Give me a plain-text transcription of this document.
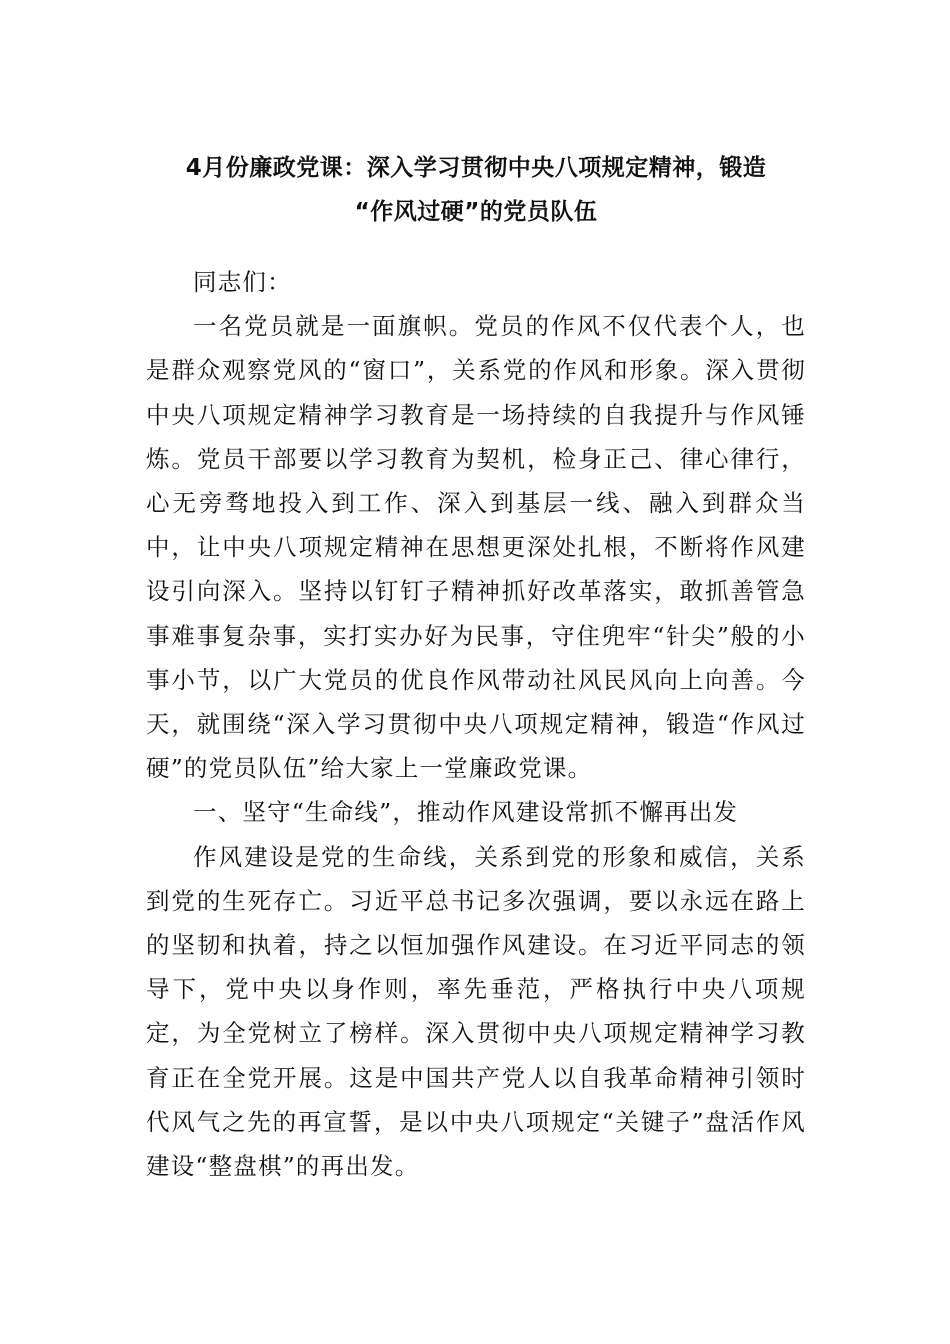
4月份廉政党课：深入学习贯彻中央八项规定精神，锻造
“作风过硬”的党员队伍

同志们：

一名党员就是一面旗帜。党员的作风不仅代表个人，也是群众观察党风的“窗口”，关系党的作风和形象。深入贯彻中央八项规定精神学习教育是一场持续的自我提升与作风锤炼。党员干部要以学习教育为契机，检身正己、律心律行，心无旁骛地投入到工作、深入到基层一线、融入到群众当中，让中央八项规定精神在思想更深处扎根，不断将作风建设引向深入。坚持以钉钉子精神抓好改革落实，敢抓善管急事难事复杂事，实打实办好为民事，守住兜牢“针尖”般的小事小节，以广大党员的优良作风带动社风民风向上向善。今天，就围绕“深入学习贯彻中央八项规定精神，锻造“作风过硬”的党员队伍”给大家上一堂廉政党课。

一、坚守“生命线”，推动作风建设常抓不懈再出发

作风建设是党的生命线，关系到党的形象和威信，关系到党的生死存亡。习近平总书记多次强调，要以永远在路上的坚韧和执着，持之以恒加强作风建设。在习近平同志的领导下，党中央以身作则，率先垂范，严格执行中央八项规定，为全党树立了榜样。深入贯彻中央八项规定精神学习教育正在全党开展。这是中国共产党人以自我革命精神引领时代风气之先的再宣誓，是以中央八项规定“关键子”盘活作风建设“整盘棋”的再出发。
